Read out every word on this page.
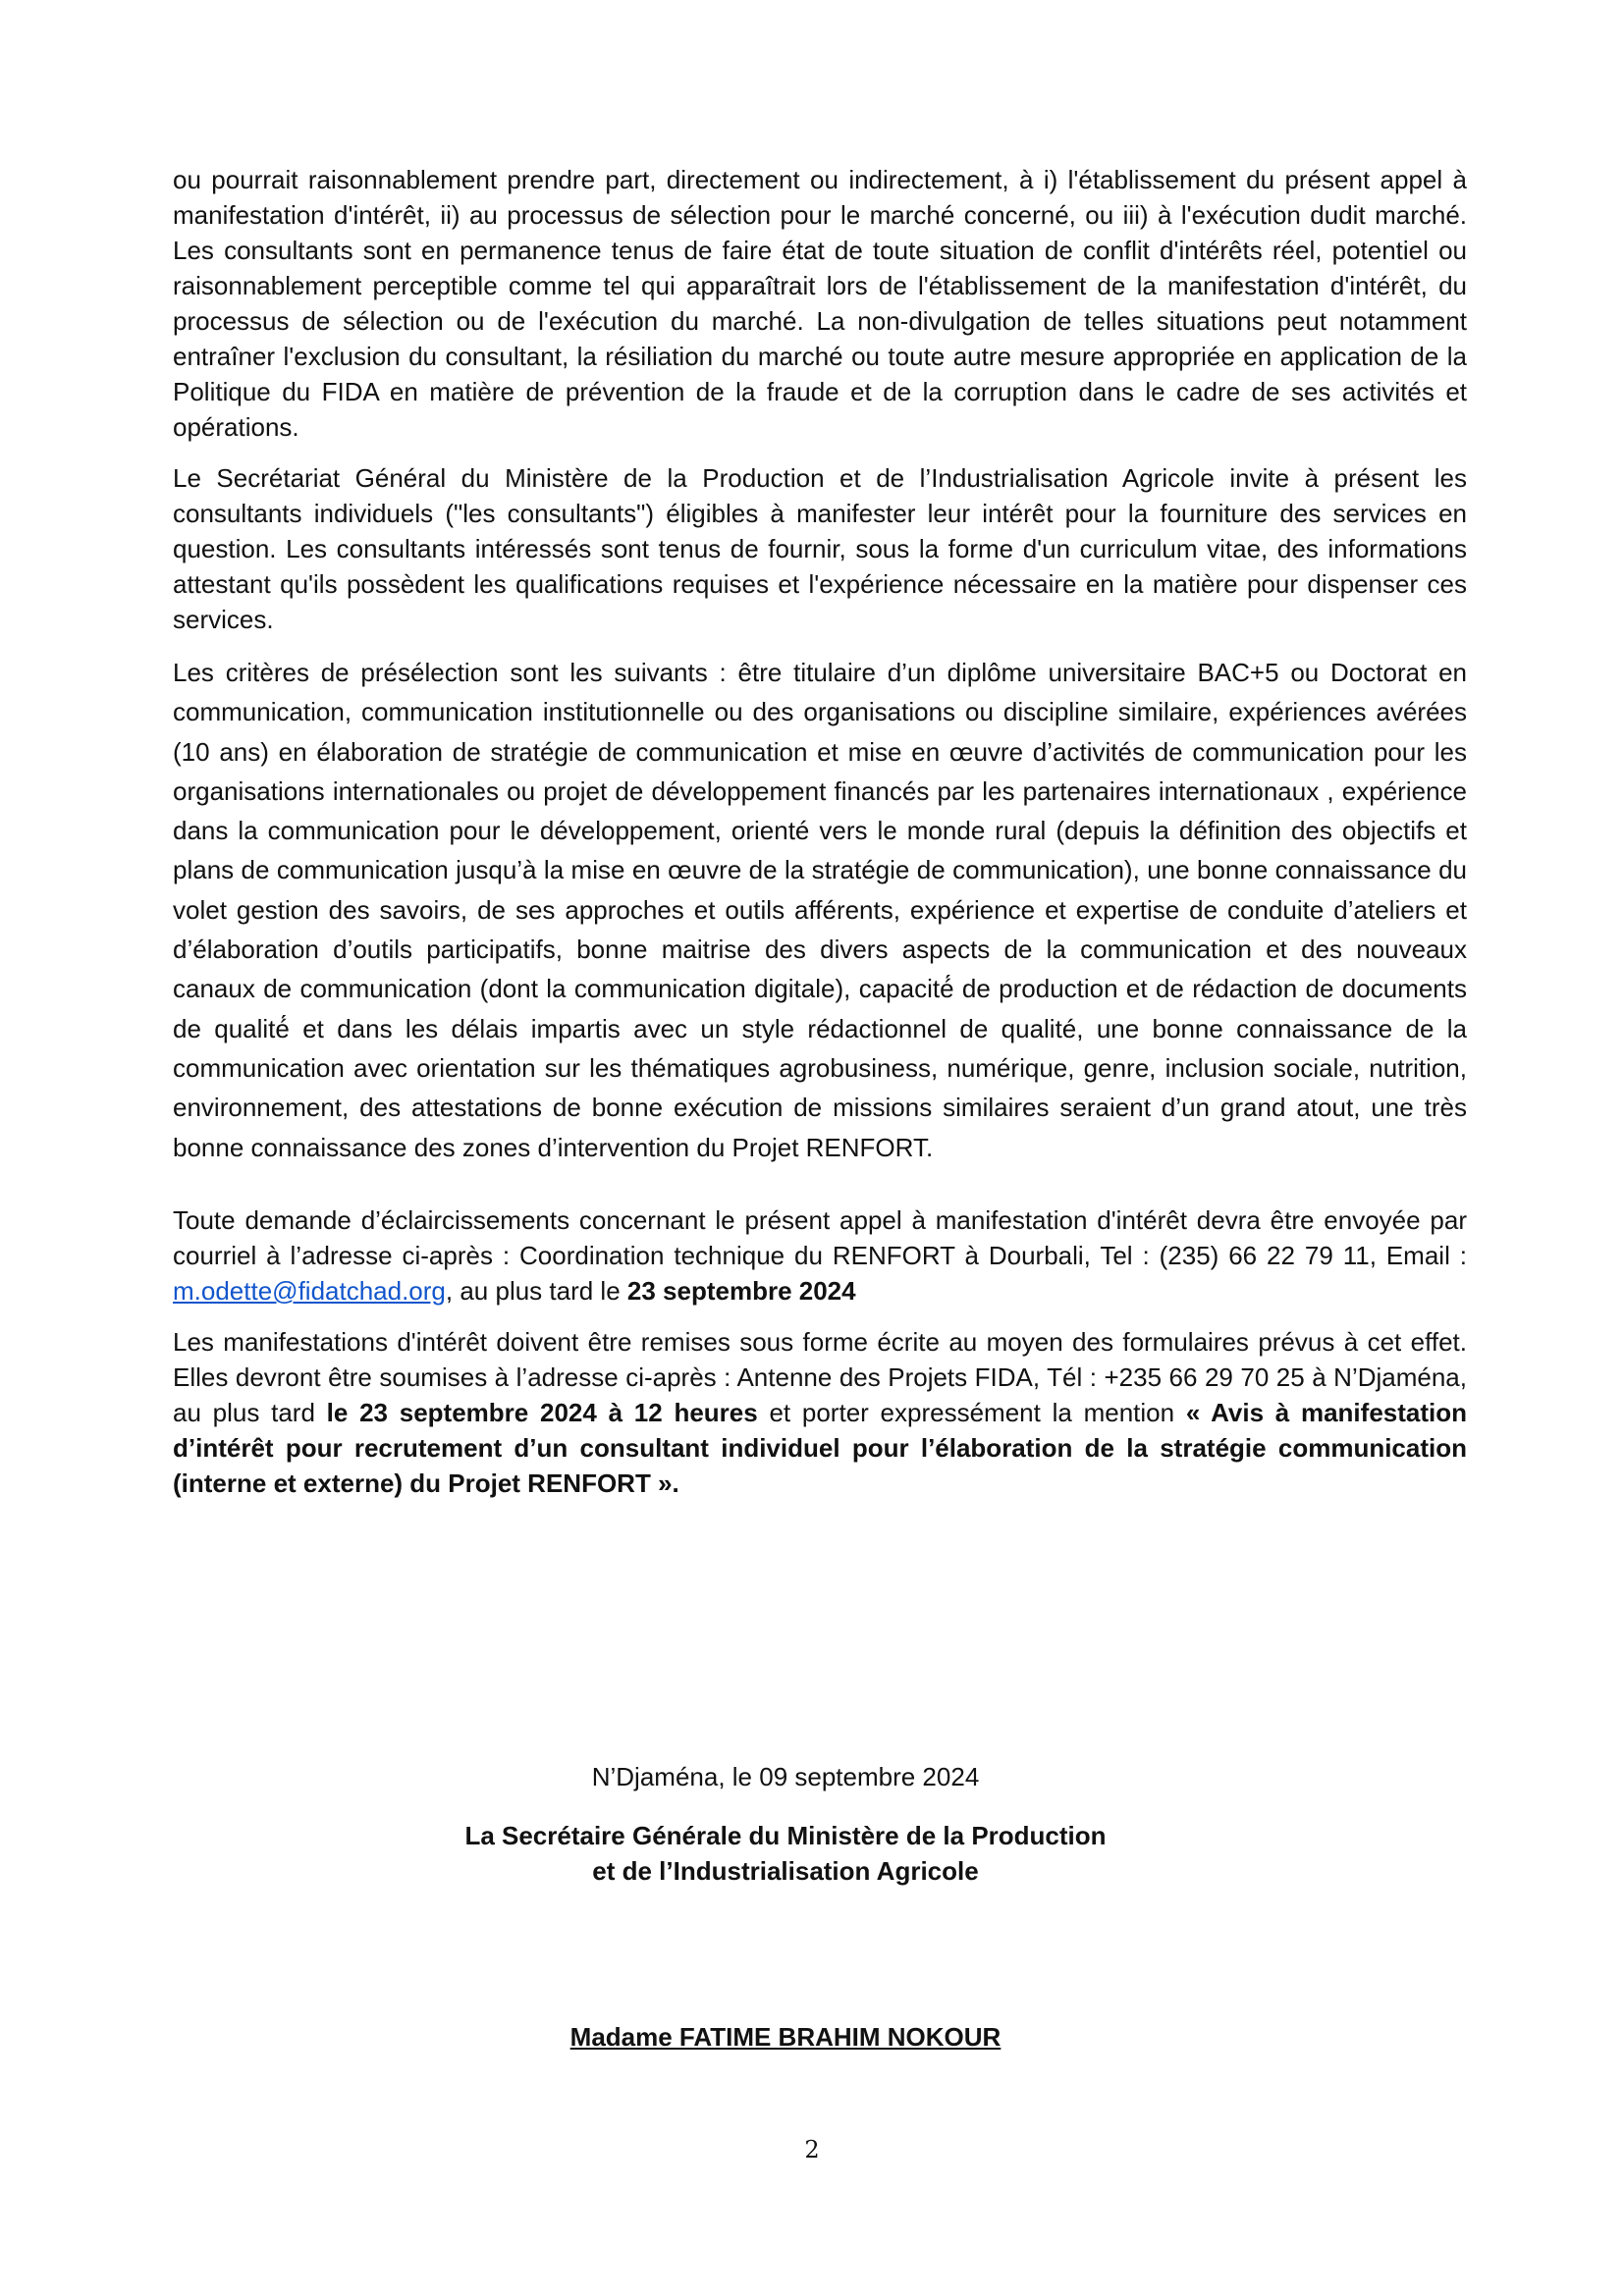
ou pourrait raisonnablement prendre part, directement ou indirectement, à i) l'établissement du présent appel à manifestation d'intérêt, ii) au processus de sélection pour le marché concerné, ou iii) à l'exécution dudit marché. Les consultants sont en permanence tenus de faire état de toute situation de conflit d'intérêts réel, potentiel ou raisonnablement perceptible comme tel qui apparaîtrait lors de l'établissement de la manifestation d'intérêt, du processus de sélection ou de l'exécution du marché. La non-divulgation de telles situations peut notamment entraîner l'exclusion du consultant, la résiliation du marché ou toute autre mesure appropriée en application de la Politique du FIDA en matière de prévention de la fraude et de la corruption dans le cadre de ses activités et opérations.

Le Secrétariat Général du Ministère de la Production et de l’Industrialisation Agricole invite à présent les consultants individuels ("les consultants") éligibles à manifester leur intérêt pour la fourniture des services en question. Les consultants intéressés sont tenus de fournir, sous la forme d'un curriculum vitae, des informations attestant qu'ils possèdent les qualifications requises et l'expérience nécessaire en la matière pour dispenser ces services.

Les critères de présélection sont les suivants : être titulaire d’un diplôme universitaire BAC+5 ou Doctorat en communication, communication institutionnelle ou des organisations ou discipline similaire, expériences avérées (10 ans) en élaboration de stratégie de communication et mise en œuvre d’activités de communication pour les organisations internationales ou projet de développement financés par les partenaires internationaux , expérience dans la communication pour le développement, orienté vers le monde rural (depuis la définition des objectifs et plans de communication jusqu’à la mise en œuvre de la stratégie de communication), une bonne connaissance du volet gestion des savoirs, de ses approches et outils afférents, expérience et expertise de conduite d’ateliers et d’élaboration d’outils participatifs, bonne maitrise des divers aspects de la communication et des nouveaux canaux de communication (dont la communication digitale), capacité́ de production et de rédaction de documents de qualité́ et dans les délais impartis avec un style rédactionnel de qualité, une bonne connaissance de la communication avec orientation sur les thématiques agrobusiness, numérique, genre, inclusion sociale, nutrition, environnement, des attestations de bonne exécution de missions similaires seraient d’un grand atout, une très bonne connaissance des zones d’intervention du Projet RENFORT.

Toute demande d’éclaircissements concernant le présent appel à manifestation d'intérêt devra être envoyée par courriel à l’adresse ci-après : Coordination technique du RENFORT à Dourbali, Tel : (235) 66 22 79 11, Email : m.odette@fidatchad.org, au plus tard le 23 septembre 2024

Les manifestations d'intérêt doivent être remises sous forme écrite au moyen des formulaires prévus à cet effet. Elles devront être soumises à l’adresse ci-après : Antenne des Projets FIDA, Tél : +235 66 29 70 25 à N’Djaména, au plus tard le 23 septembre 2024 à 12 heures et porter expressément la mention « Avis à manifestation d’intérêt pour recrutement d’un consultant individuel pour l’élaboration de la stratégie communication (interne et externe) du Projet RENFORT ».

N’Djaména, le 09 septembre 2024
La Secrétaire Générale du Ministère de la Production
et de l’Industrialisation Agricole
Madame FATIME BRAHIM NOKOUR
2
